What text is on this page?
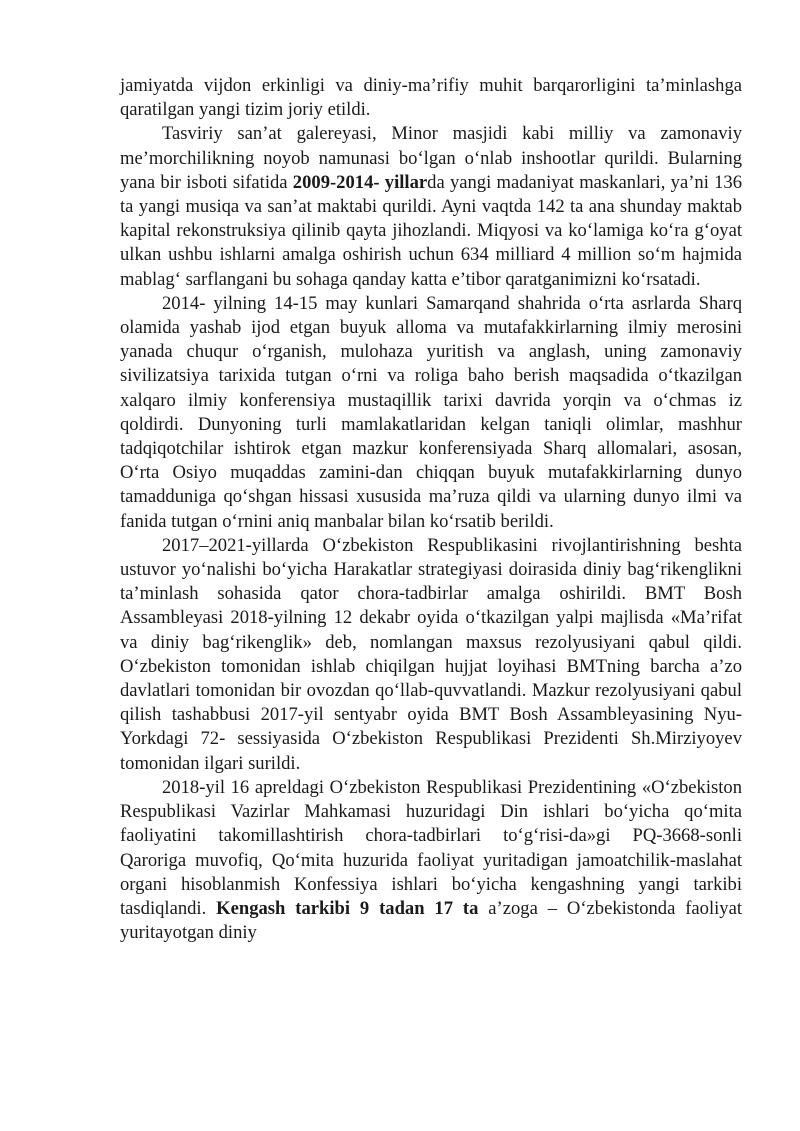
jamiyatda vijdon erkinligi va diniy-ma’rifiy muhit barqarorligini ta’minlashga qaratilgan yangi tizim joriy etildi.

Tasviriy san’at galereyasi, Minor masjidi kabi milliy va zamonaviy me’morchilikning noyob namunasi bo‘lgan o‘nlab inshootlar qurildi. Bularning yana bir isboti sifatida 2009-2014- yillarda yangi madaniyat maskanlari, ya’ni 136 ta yangi musiqa va san’at maktabi qurildi. Ayni vaqtda 142 ta ana shunday maktab kapital rekonstruksiya qilinib qayta jihozlandi. Miqyosi va ko‘lamiga ko‘ra g‘oyat ulkan ushbu ishlarni amalga oshirish uchun 634 milliard 4 million so‘m hajmida mablag‘ sarflangani bu sohaga qanday katta e’tibor qaratganimizni ko‘rsatadi.

2014- yilning 14-15 may kunlari Samarqand shahrida o‘rta asrlarda Sharq olamida yashab ijod etgan buyuk alloma va mutafakkirlarning ilmiy merosini yanada chuqur o‘rganish, mulohaza yuritish va anglash, uning zamonaviy sivilizatsiya tarixida tutgan o‘rni va roliga baho berish maqsadida o‘tkazilgan xalqaro ilmiy konferensiya mustaqillik tarixi davrida yorqin va o‘chmas iz qoldirdi. Dunyoning turli mamlakatlaridan kelgan taniqli olimlar, mashhur tadqiqotchilar ishtirok etgan mazkur konferensiyada Sharq allomalari, asosan, O‘rta Osiyo muqaddas zamini-dan chiqqan buyuk mutafakkirlarning dunyo tamadduniga qo‘shgan hissasi xususida ma’ruza qildi va ularning dunyo ilmi va fanida tutgan o‘rnini aniq manbalar bilan ko‘rsatib berildi.

2017–2021-yillarda O‘zbekiston Respublikasini rivojlantirishning beshta ustuvor yo‘nalishi bo‘yicha Harakatlar strategiyasi doirasida diniy bag‘rikenglikni ta’minlash sohasida qator chora-tadbirlar amalga oshirildi. BMT Bosh Assambleyasi 2018-yilning 12 dekabr oyida o‘tkazilgan yalpi majlisda «Ma’rifat va diniy bag‘rikenglik» deb, nomlangan maxsus rezolyusiyani qabul qildi. O‘zbekiston tomonidan ishlab chiqilgan hujjat loyihasi BMTning barcha a’zo davlatlari tomonidan bir ovozdan qo‘llab-quvvatlandi. Mazkur rezolyusiyani qabul qilish tashabbusi 2017-yil sentyabr oyida BMT Bosh Assambleyasining Nyu-Yorkdagi 72- sessiyasida O‘zbekiston Respublikasi Prezidenti Sh.Mirziyoyev tomonidan ilgari surildi.

2018-yil 16 apreldagi O‘zbekiston Respublikasi Prezidentining «O‘zbekiston Respublikasi Vazirlar Mahkamasi huzuridagi Din ishlari bo‘yicha qo‘mita faoliyatini takomillashtirish chora-tadbirlari to‘g‘risi-da»gi PQ-3668-sonli Qaroriga muvofiq, Qo‘mita huzurida faoliyat yuritadigan jamoatchilik-maslahat organi hisoblanmish Konfessiya ishlari bo‘yicha kengashning yangi tarkibi tasdiqlandi. Kengash tarkibi 9 tadan 17 ta a’zoga – O‘zbekistonda faoliyat yuritayotgan diniy
